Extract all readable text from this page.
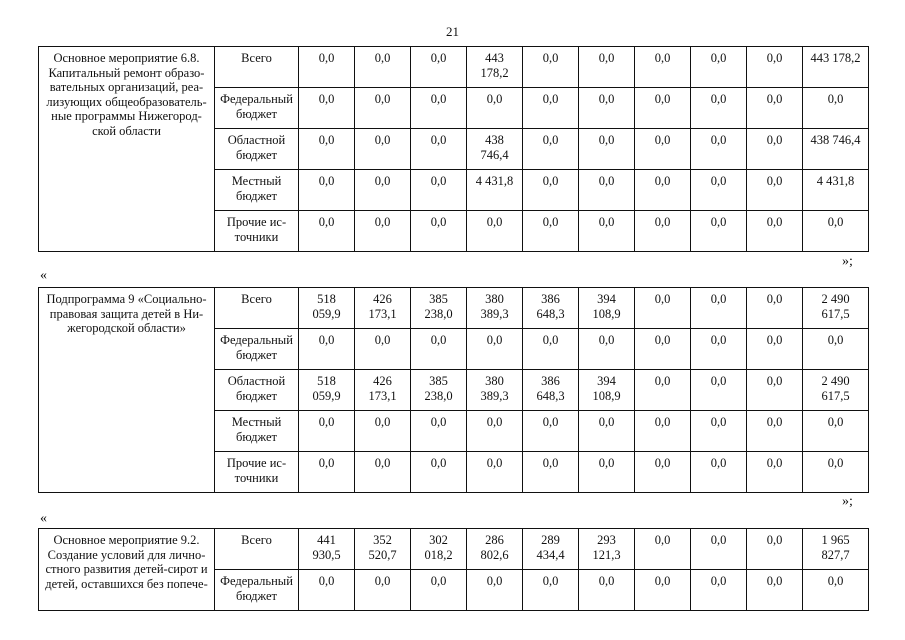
21
Основное мероприятие 6.8. Капитальный ремонт образо-вательных организаций, реа-лизующих общеобразователь-ные программы Нижегород-ской области	Всего	0,0	0,0	0,0	443 178,2	0,0	0,0	0,0	0,0	0,0	443 178,2
	Федеральный бюджет	0,0	0,0	0,0	0,0	0,0	0,0	0,0	0,0	0,0	0,0
	Областной бюджет	0,0	0,0	0,0	438 746,4	0,0	0,0	0,0	0,0	0,0	438 746,4
	Местный бюджет	0,0	0,0	0,0	4 431,8	0,0	0,0	0,0	0,0	0,0	4 431,8
	Прочие ис-точники	0,0	0,0	0,0	0,0	0,0	0,0	0,0	0,0	0,0	0,0
«
»;
Подпрограмма 9 «Социально-правовая защита детей в Ни-жегородской области»	Всего	518 059,9	426 173,1	385 238,0	380 389,3	386 648,3	394 108,9	0,0	0,0	0,0	2 490 617,5
	Федеральный бюджет	0,0	0,0	0,0	0,0	0,0	0,0	0,0	0,0	0,0	0,0
	Областной бюджет	518 059,9	426 173,1	385 238,0	380 389,3	386 648,3	394 108,9	0,0	0,0	0,0	2 490 617,5
	Местный бюджет	0,0	0,0	0,0	0,0	0,0	0,0	0,0	0,0	0,0	0,0
	Прочие ис-точники	0,0	0,0	0,0	0,0	0,0	0,0	0,0	0,0	0,0	0,0
«
»;
Основное мероприятие 9.2. Создание условий для лично-стного развития детей-сирот и детей, оставшихся без попече-	Всего	441 930,5	352 520,7	302 018,2	286 802,6	289 434,4	293 121,3	0,0	0,0	0,0	1 965 827,7
	Федеральный бюджет	0,0	0,0	0,0	0,0	0,0	0,0	0,0	0,0	0,0	0,0
